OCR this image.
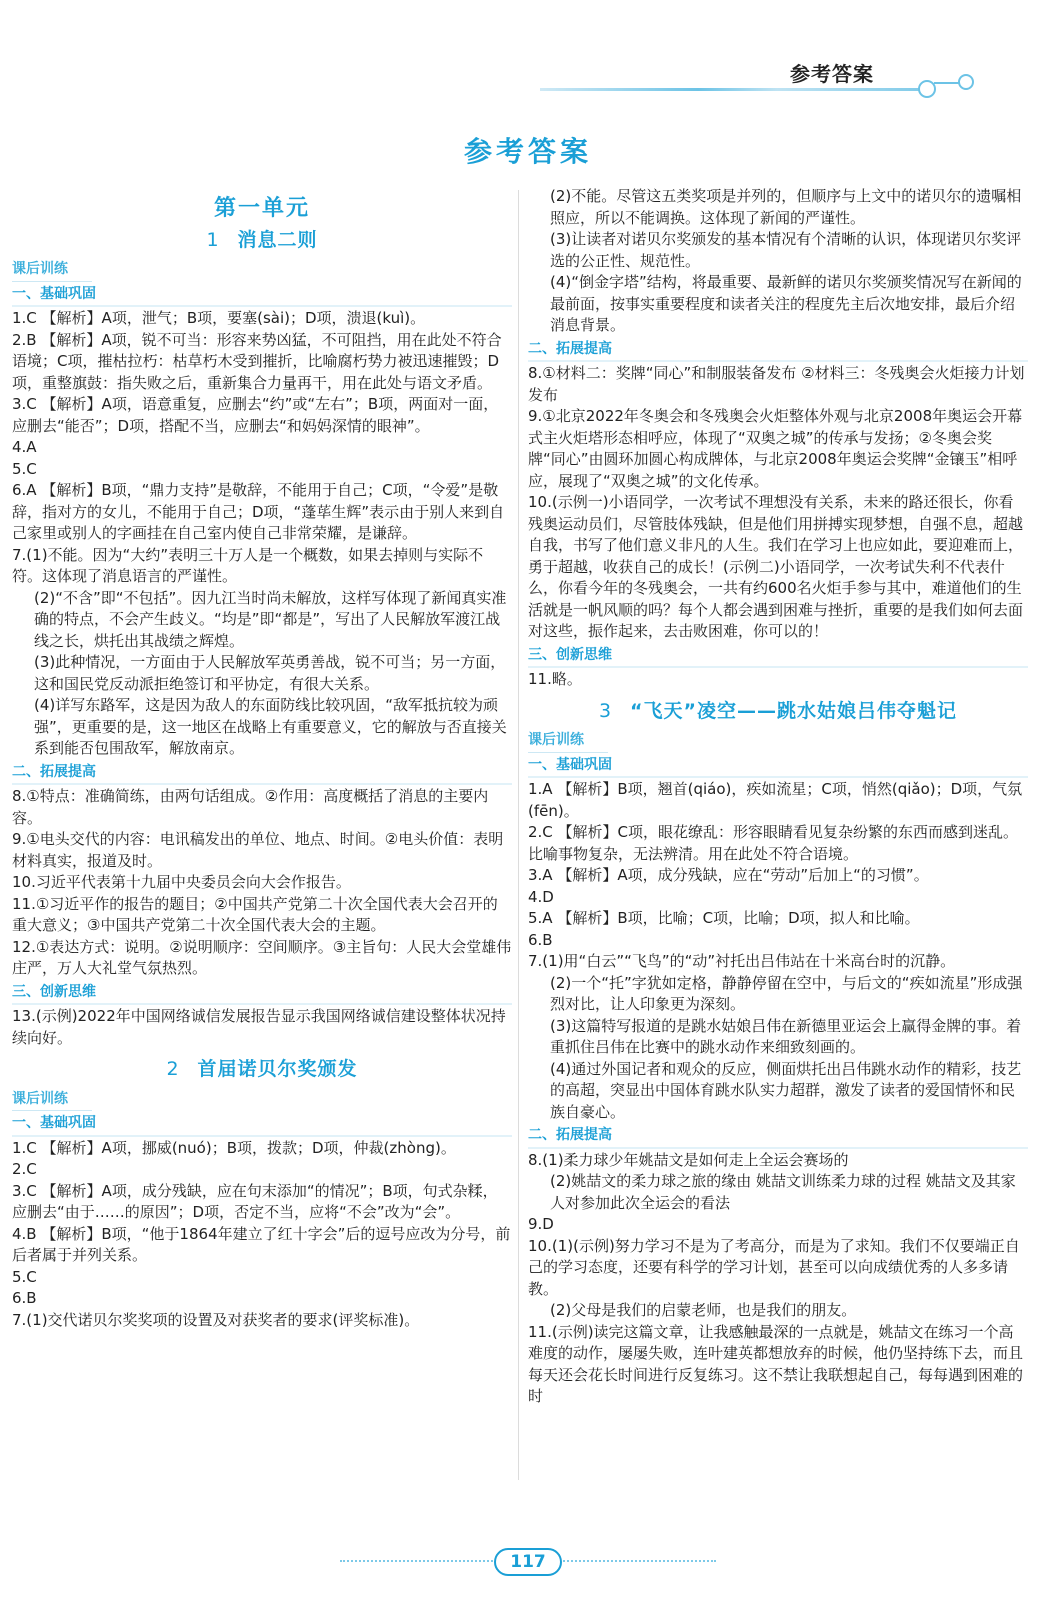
参考答案
参考答案
第一单元
1 消息二则
课后训练
一、基础巩固
1.C 【解析】A项，泄气；B项，要塞(sài)；D项，溃退(kuì)。
2.B 【解析】A项，锐不可当：形容来势凶猛，不可阻挡，用在此处不符合语境；C项，摧枯拉朽：枯草朽木受到摧折，比喻腐朽势力被迅速摧毁；D项，重整旗鼓：指失败之后，重新集合力量再干，用在此处与语文矛盾。
3.C 【解析】A项，语意重复，应删去“约”或“左右”；B项，两面对一面，应删去“能否”；D项，搭配不当，应删去“和妈妈深情的眼神”。
4.A
5.C
6.A 【解析】B项，“鼎力支持”是敬辞，不能用于自己；C项，“令爱”是敬辞，指对方的女儿，不能用于自己；D项，“蓬荜生辉”表示由于别人来到自己家里或别人的字画挂在自己室内使自己非常荣耀，是谦辞。
7.(1)不能。因为“大约”表明三十万人是一个概数，如果去掉则与实际不符。这体现了消息语言的严谨性。
(2)“不含”即“不包括”。因九江当时尚未解放，这样写体现了新闻真实准确的特点，不会产生歧义。“均是”即“都是”，写出了人民解放军渡江战线之长，烘托出其战绩之辉煌。
(3)此种情况，一方面由于人民解放军英勇善战，锐不可当；另一方面，这和国民党反动派拒绝签订和平协定，有很大关系。
(4)详写东路军，这是因为敌人的东面防线比较巩固，“敌军抵抗较为顽强”，更重要的是，这一地区在战略上有重要意义，它的解放与否直接关系到能否包围敌军，解放南京。
二、拓展提高
8.①特点：准确简练，由两句话组成。②作用：高度概括了消息的主要内容。
9.①电头交代的内容：电讯稿发出的单位、地点、时间。②电头价值：表明材料真实，报道及时。
10.习近平代表第十九届中央委员会向大会作报告。
11.①习近平作的报告的题目；②中国共产党第二十次全国代表大会召开的重大意义；③中国共产党第二十次全国代表大会的主题。
12.①表达方式：说明。②说明顺序：空间顺序。③主旨句：人民大会堂雄伟庄严，万人大礼堂气氛热烈。
三、创新思维
13.(示例)2022年中国网络诚信发展报告显示我国网络诚信建设整体状况持续向好。
2 首届诺贝尔奖颁发
课后训练
一、基础巩固
1.C 【解析】A项，挪威(nuó)；B项，拨款；D项，仲裁(zhòng)。
2.C
3.C 【解析】A项，成分残缺，应在句末添加“的情况”；B项，句式杂糅，应删去“由于……的原因”；D项，否定不当，应将“不会”改为“会”。
4.B 【解析】B项，“他于1864年建立了红十字会”后的逗号应改为分号，前后者属于并列关系。
5.C
6.B
7.(1)交代诺贝尔奖奖项的设置及对获奖者的要求(评奖标准)。
(2)不能。尽管这五类奖项是并列的，但顺序与上文中的诺贝尔的遗嘱相照应，所以不能调换。这体现了新闻的严谨性。
(3)让读者对诺贝尔奖颁发的基本情况有个清晰的认识，体现诺贝尔奖评选的公正性、规范性。
(4)“倒金字塔”结构，将最重要、最新鲜的诺贝尔奖颁奖情况写在新闻的最前面，按事实重要程度和读者关注的程度先主后次地安排，最后介绍消息背景。
二、拓展提高
8.①材料二：奖牌“同心”和制服装备发布 ②材料三：冬残奥会火炬接力计划发布
9.①北京2022年冬奥会和冬残奥会火炬整体外观与北京2008年奥运会开幕式主火炬塔形态相呼应，体现了“双奥之城”的传承与发扬；②冬奥会奖牌“同心”由圆环加圆心构成牌体，与北京2008年奥运会奖牌“金镶玉”相呼应，展现了“双奥之城”的文化传承。
10.(示例一)小语同学，一次考试不理想没有关系，未来的路还很长，你看残奥运动员们，尽管肢体残缺，但是他们用拼搏实现梦想，自强不息，超越自我，书写了他们意义非凡的人生。我们在学习上也应如此，要迎难而上，勇于超越，收获自己的成长！(示例二)小语同学，一次考试失利不代表什么，你看今年的冬残奥会，一共有约600名火炬手参与其中，难道他们的生活就是一帆风顺的吗？每个人都会遇到困难与挫折，重要的是我们如何去面对这些，振作起来，去击败困难，你可以的！
三、创新思维
11.略。
3 “飞天”凌空——跳水姑娘吕伟夺魁记
课后训练
一、基础巩固
1.A 【解析】B项，翘首(qiáo)，疾如流星；C项，悄然(qiǎo)；D项，气氛(fēn)。
2.C 【解析】C项，眼花缭乱：形容眼睛看见复杂纷繁的东西而感到迷乱。比喻事物复杂，无法辨清。用在此处不符合语境。
3.A 【解析】A项，成分残缺，应在“劳动”后加上“的习惯”。
4.D
5.A 【解析】B项，比喻；C项，比喻；D项，拟人和比喻。
6.B
7.(1)用“白云”“飞鸟”的“动”衬托出吕伟站在十米高台时的沉静。
(2)一个“托”字犹如定格，静静停留在空中，与后文的“疾如流星”形成强烈对比，让人印象更为深刻。
(3)这篇特写报道的是跳水姑娘吕伟在新德里亚运会上赢得金牌的事。着重抓住吕伟在比赛中的跳水动作来细致刻画的。
(4)通过外国记者和观众的反应，侧面烘托出吕伟跳水动作的精彩，技艺的高超，突显出中国体育跳水队实力超群，激发了读者的爱国情怀和民族自豪心。
二、拓展提高
8.(1)柔力球少年姚喆文是如何走上全运会赛场的
(2)姚喆文的柔力球之旅的缘由 姚喆文训练柔力球的过程 姚喆文及其家人对参加此次全运会的看法
9.D
10.(1)(示例)努力学习不是为了考高分，而是为了求知。我们不仅要端正自己的学习态度，还要有科学的学习计划，甚至可以向成绩优秀的人多多请教。
(2)父母是我们的启蒙老师，也是我们的朋友。
11.(示例)读完这篇文章，让我感触最深的一点就是，姚喆文在练习一个高难度的动作，屡屡失败，连叶建英都想放弃的时候，他仍坚持练下去，而且每天还会花长时间进行反复练习。这不禁让我联想起自己，每每遇到困难的时
117
